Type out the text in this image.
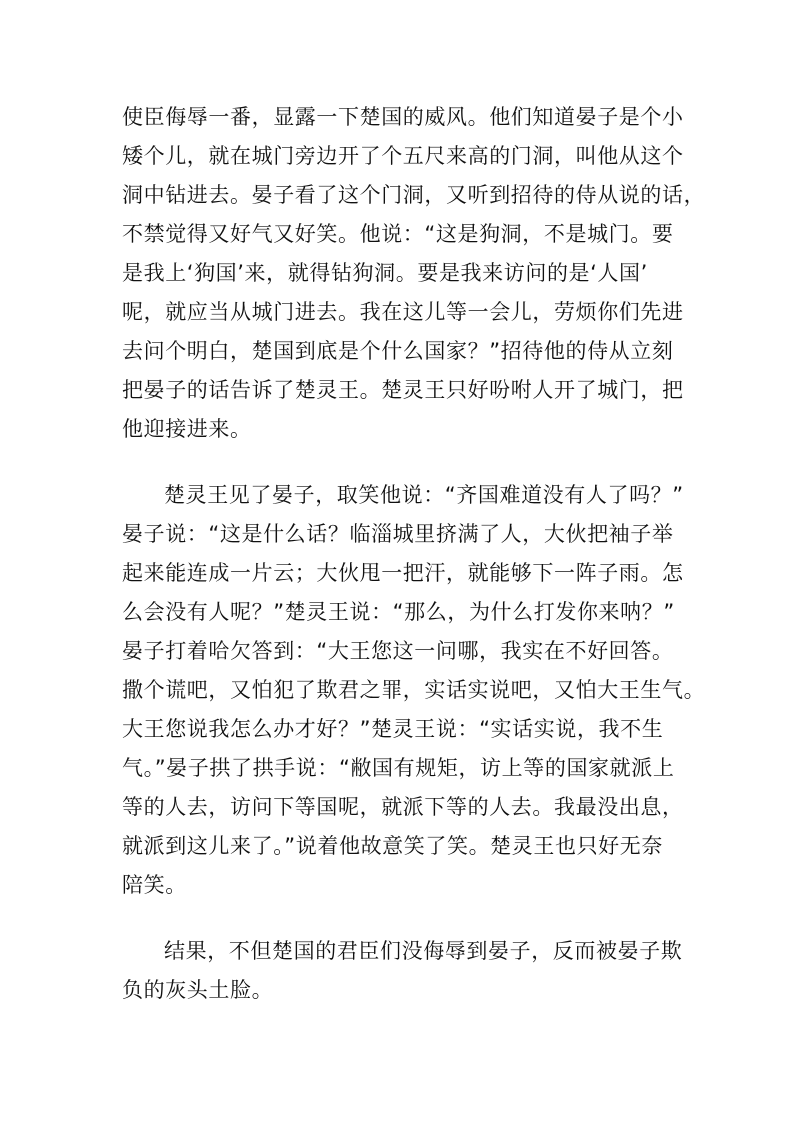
使臣侮辱一番，显露一下楚国的威风。他们知道晏子是个小
矮个儿，就在城门旁边开了个五尺来高的门洞，叫他从这个
洞中钻进去。晏子看了这个门洞，又听到招待的侍从说的话，
不禁觉得又好气又好笑。他说：“这是狗洞，不是城门。要
是我上‘狗国’来，就得钻狗洞。要是我来访问的是‘人国’
呢，就应当从城门进去。我在这儿等一会儿，劳烦你们先进
去问个明白，楚国到底是个什么国家？”招待他的侍从立刻
把晏子的话告诉了楚灵王。楚灵王只好吩咐人开了城门，把
他迎接进来。
楚灵王见了晏子，取笑他说：“齐国难道没有人了吗？”
晏子说：“这是什么话？临淄城里挤满了人，大伙把袖子举
起来能连成一片云；大伙甩一把汗，就能够下一阵子雨。怎
么会没有人呢？”楚灵王说：“那么，为什么打发你来呐？”
晏子打着哈欠答到：“大王您这一问哪，我实在不好回答。
撒个谎吧，又怕犯了欺君之罪，实话实说吧，又怕大王生气。
大王您说我怎么办才好？”楚灵王说：“实话实说，我不生
气。”晏子拱了拱手说：“敝国有规矩，访上等的国家就派上
等的人去，访问下等国呢，就派下等的人去。我最没出息，
就派到这儿来了。”说着他故意笑了笑。楚灵王也只好无奈
陪笑。
结果，不但楚国的君臣们没侮辱到晏子，反而被晏子欺
负的灰头土脸。
